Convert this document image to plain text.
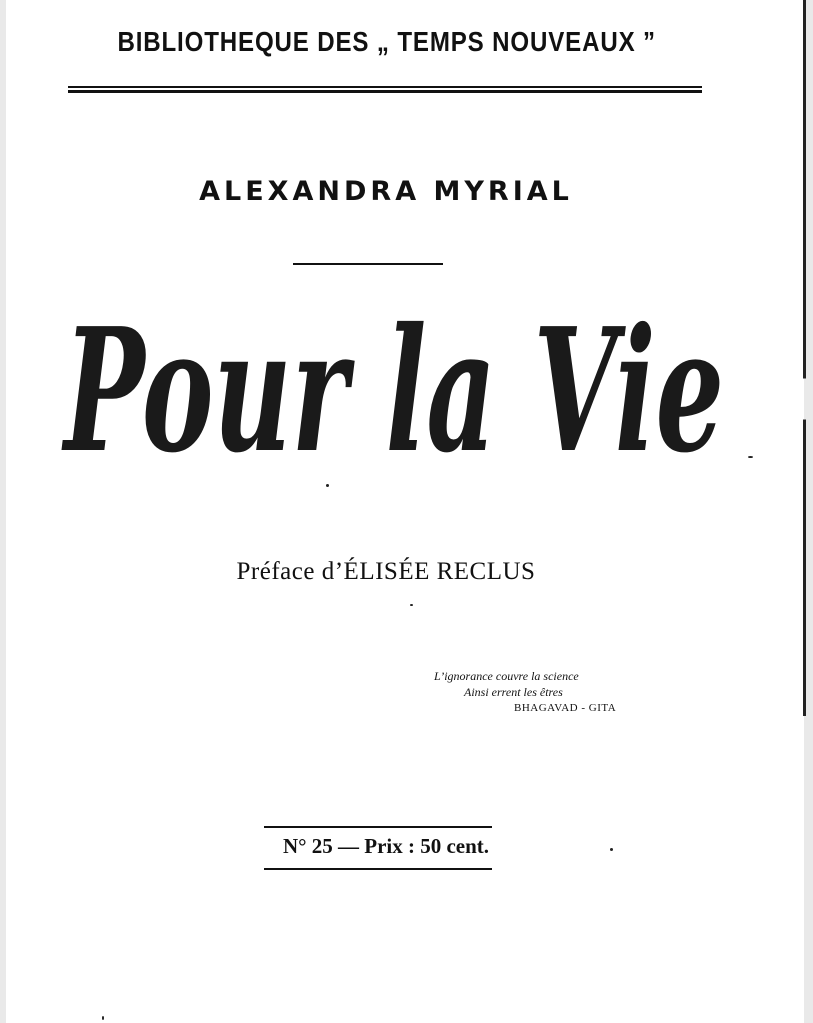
BIBLIOTHEQUE DES „ TEMPS NOUVEAUX ”
ALEXANDRA MYRIAL
Pour la Vie
Préface d’ÉLISÉE RECLUS
L’ignorance couvre la science
Ainsi errent les êtres
BHAGAVAD - GITA
N° 25 — Prix : 50 cent.
